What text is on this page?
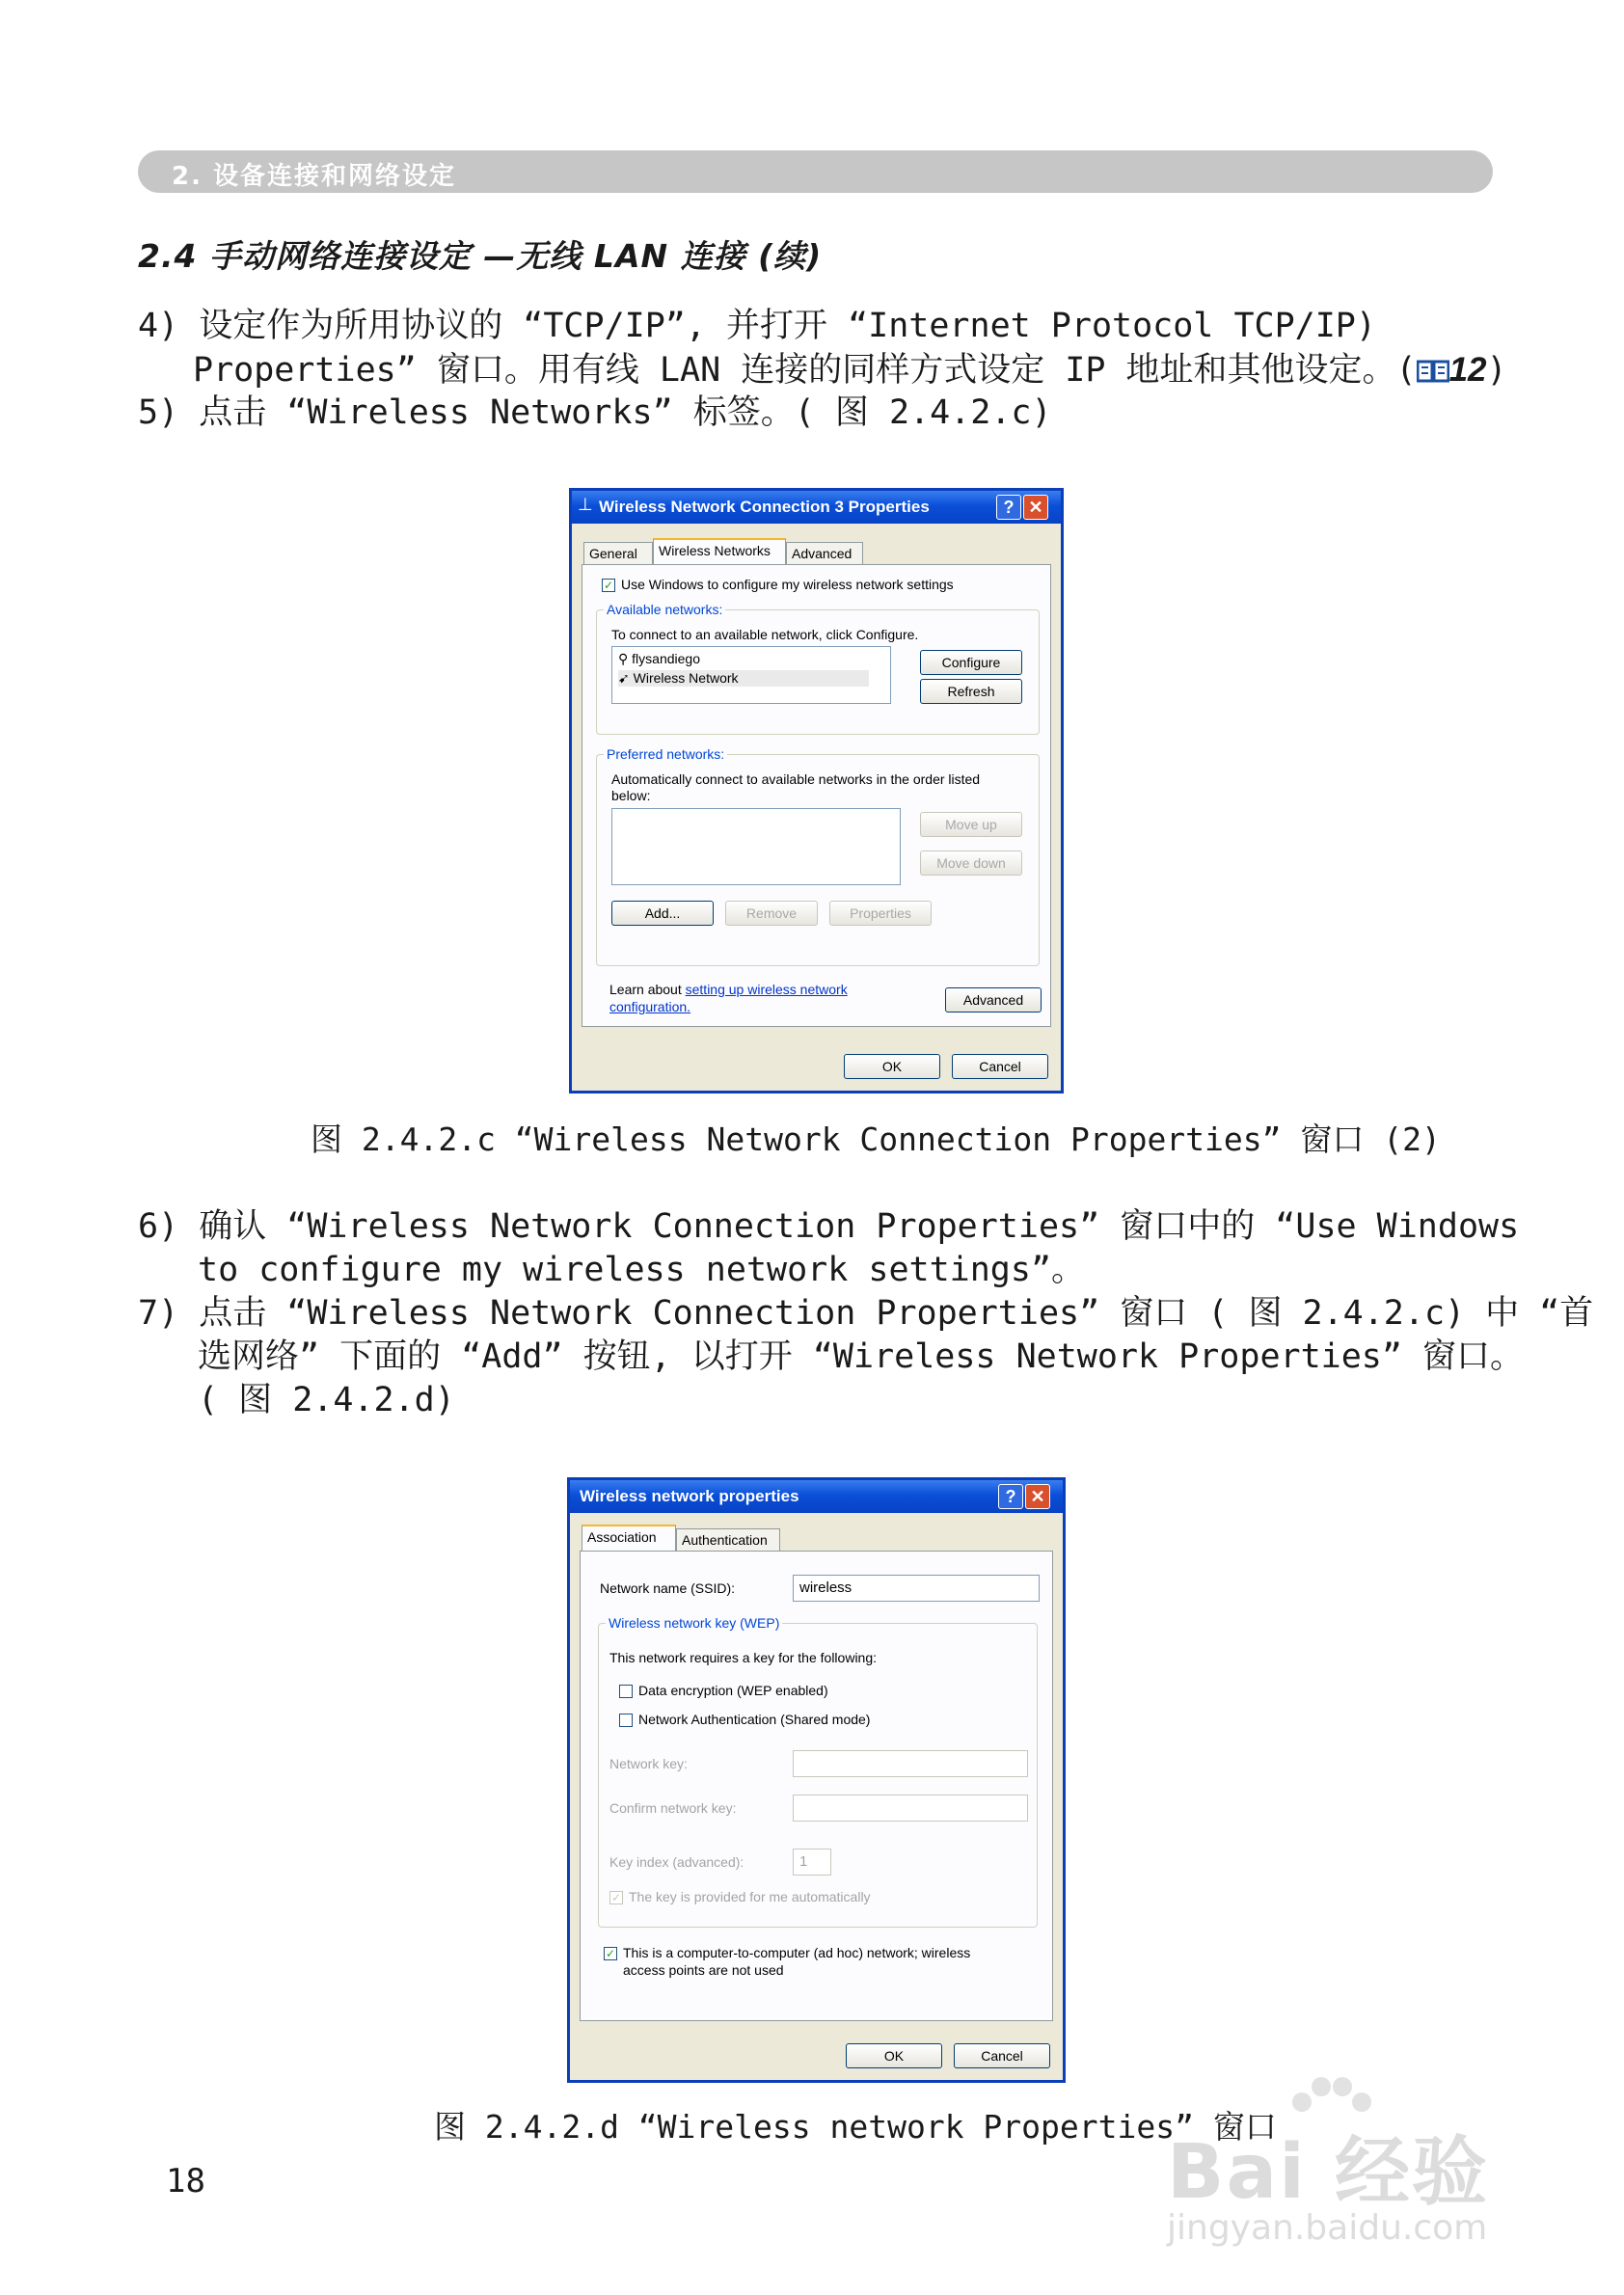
2. 设备连接和网络设定
2.4 手动网络连接设定 —无线 LAN 连接 (续)
4) 设定作为所用协议的 “TCP/IP”, 并打开 “Internet Protocol TCP/IP)
Properties” 窗口。用有线 LAN 连接的同样方式设定 IP 地址和其他设定。( 12)
5) 点击 “Wireless Networks” 标签。( 图 2.4.2.c)
⊥ Wireless Network Connection 3 Properties	? ✕
General	Wireless Networks	Advanced
✓ Use Windows to configure my wireless network settings
Available networks:
To connect to an available network, click Configure.
⚲ flysandiego
➹ Wireless Network
Configure
Refresh
Preferred networks:
Automatically connect to available networks in the order listed
below:
Move up
Move down
Add...	Remove	Properties
Learn about setting up wireless network
configuration.	Advanced
OK	Cancel
图 2.4.2.c “Wireless Network Connection Properties” 窗口 (2)
6) 确认 “Wireless Network Connection Properties” 窗口中的 “Use Windows
to configure my wireless network settings”。
7) 点击 “Wireless Network Connection Properties” 窗口 ( 图 2.4.2.c) 中 “首
选网络” 下面的 “Add” 按钮, 以打开 “Wireless Network Properties” 窗口。
( 图 2.4.2.d)
Wireless network properties	? ✕
Association	Authentication
Network name (SSID):	wireless
Wireless network key (WEP)
This network requires a key for the following:
Data encryption (WEP enabled)
Network Authentication (Shared mode)
Network key:
Confirm network key:
Key index (advanced):	1
✓ The key is provided for me automatically
✓ This is a computer-to-computer (ad hoc) network; wireless
access points are not used
OK	Cancel
图 2.4.2.d “Wireless network Properties” 窗口
18	Bai 经验
jingyan.baidu.com
